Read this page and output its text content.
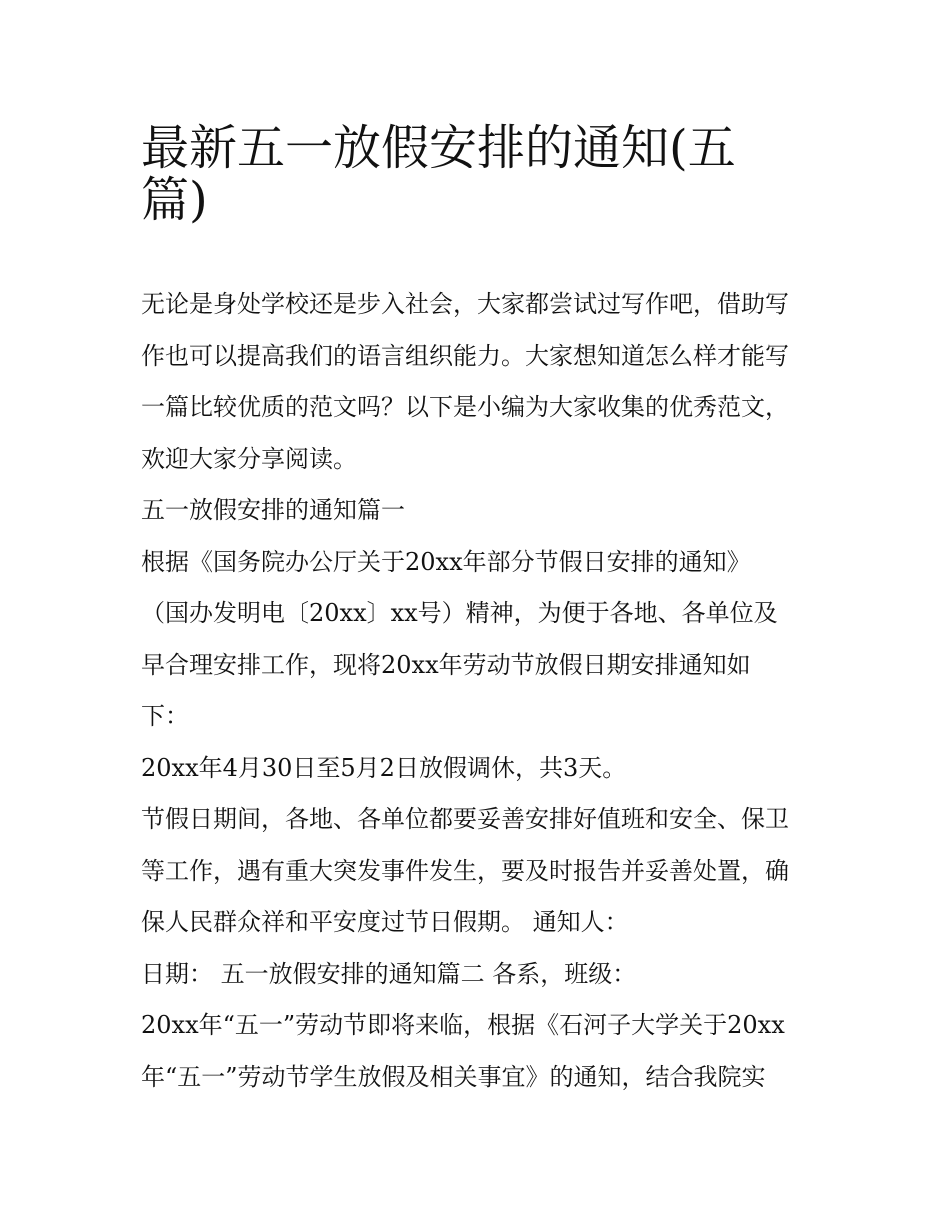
最新五一放假安排的通知(五
篇)
无论是身处学校还是步入社会，大家都尝试过写作吧，借助写
作也可以提高我们的语言组织能力。大家想知道怎么样才能写
一篇比较优质的范文吗？以下是小编为大家收集的优秀范文，
欢迎大家分享阅读。
五一放假安排的通知篇一
根据《国务院办公厅关于20xx年部分节假日安排的通知》
（国办发明电〔20xx〕xx号）精神，为便于各地、各单位及
早合理安排工作，现将20xx年劳动节放假日期安排通知如
下：
20xx年4月30日至5月2日放假调休，共3天。
节假日期间，各地、各单位都要妥善安排好值班和安全、保卫
等工作，遇有重大突发事件发生，要及时报告并妥善处置，确
保人民群众祥和平安度过节日假期。 通知人：
日期： 五一放假安排的通知篇二 各系，班级：
20xx年“五一”劳动节即将来临，根据《石河子大学关于20xx
年“五一”劳动节学生放假及相关事宜》的通知，结合我院实
